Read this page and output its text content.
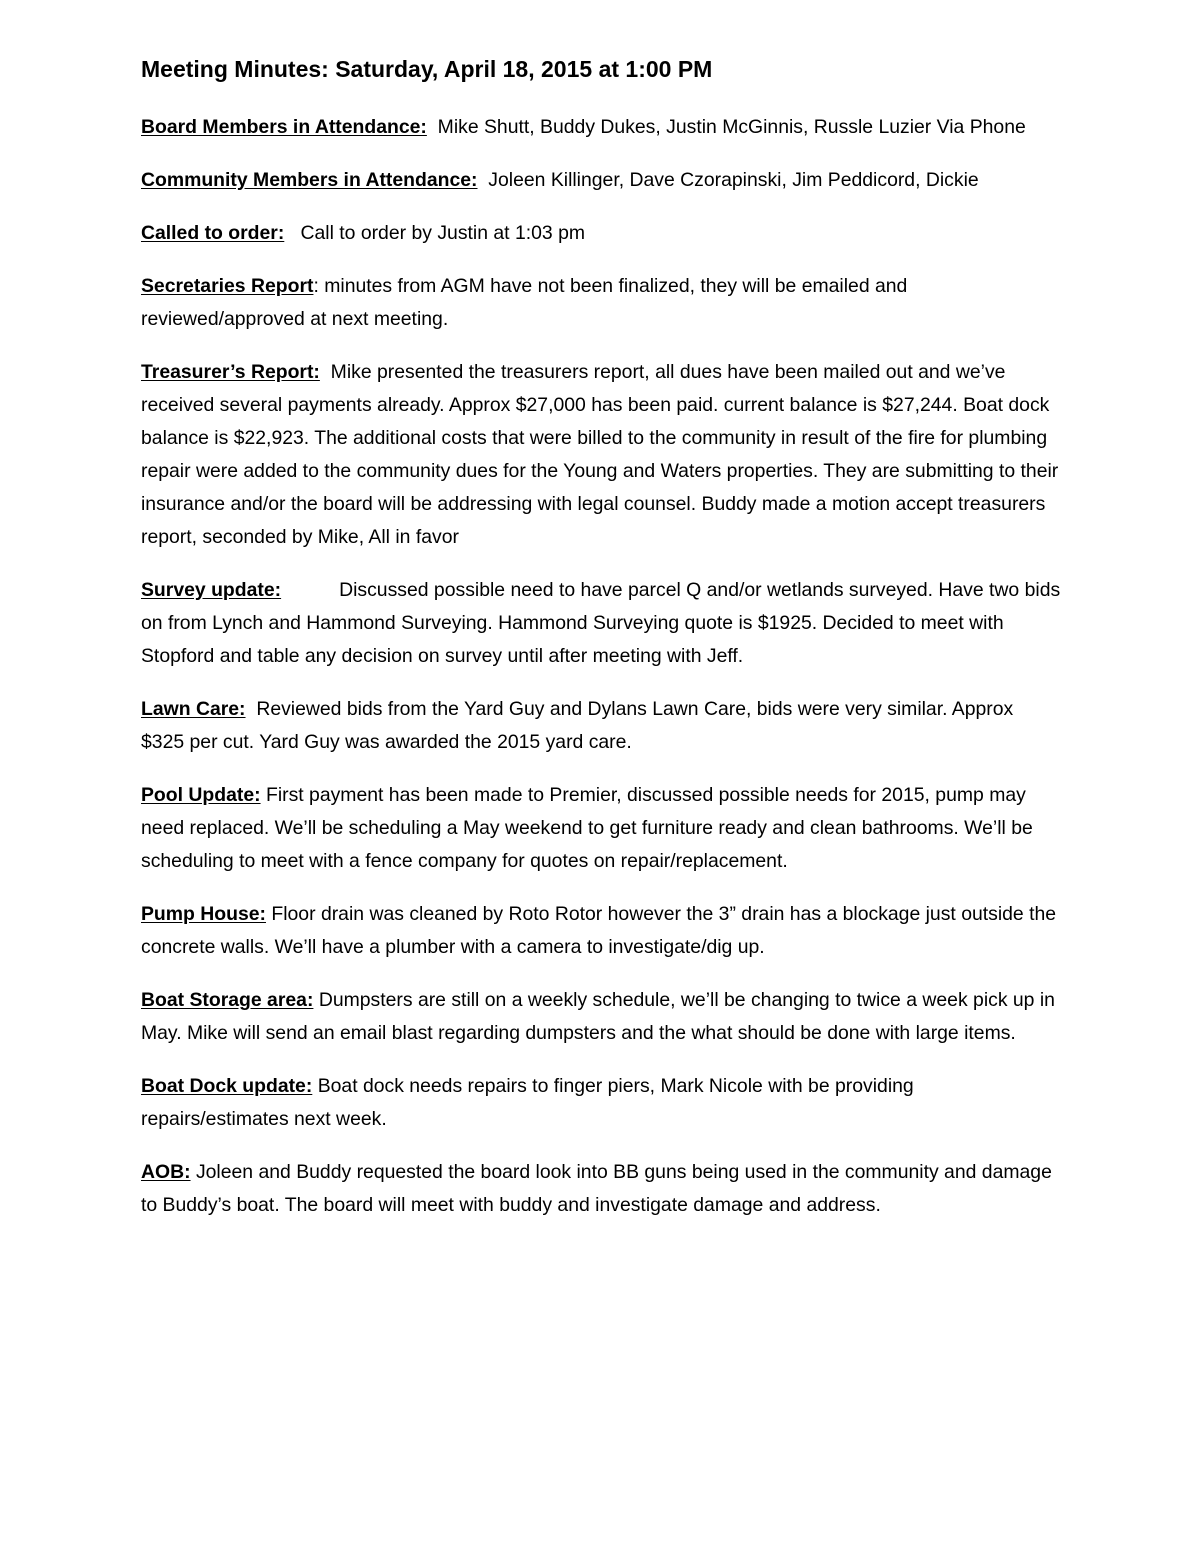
Meeting Minutes: Saturday, April 18, 2015 at 1:00 PM

Board Members in Attendance: Mike Shutt, Buddy Dukes, Justin McGinnis, Russle Luzier Via Phone

Community Members in Attendance: Joleen Killinger, Dave Czorapinski, Jim Peddicord, Dickie

Called to order: Call to order by Justin at 1:03 pm

Secretaries Report: minutes from AGM have not been finalized, they will be emailed and reviewed/approved at next meeting.

Treasurer’s Report: Mike presented the treasurers report, all dues have been mailed out and we’ve received several payments already. Approx $27,000 has been paid. current balance is $27,244. Boat dock balance is $22,923. The additional costs that were billed to the community in result of the fire for plumbing repair were added to the community dues for the Young and Waters properties. They are submitting to their insurance and/or the board will be addressing with legal counsel. Buddy made a motion accept treasurers report, seconded by Mike, All in favor

Survey update:	Discussed possible need to have parcel Q and/or wetlands surveyed. Have two bids on from Lynch and Hammond Surveying. Hammond Surveying quote is $1925. Decided to meet with Stopford and table any decision on survey until after meeting with Jeff.

Lawn Care: Reviewed bids from the Yard Guy and Dylans Lawn Care, bids were very similar. Approx $325 per cut. Yard Guy was awarded the 2015 yard care.

Pool Update: First payment has been made to Premier, discussed possible needs for 2015, pump may need replaced. We’ll be scheduling a May weekend to get furniture ready and clean bathrooms. We’ll be scheduling to meet with a fence company for quotes on repair/replacement.

Pump House: Floor drain was cleaned by Roto Rotor however the 3” drain has a blockage just outside the concrete walls. We’ll have a plumber with a camera to investigate/dig up.

Boat Storage area: Dumpsters are still on a weekly schedule, we’ll be changing to twice a week pick up in May. Mike will send an email blast regarding dumpsters and the what should be done with large items.

Boat Dock update: Boat dock needs repairs to finger piers, Mark Nicole with be providing repairs/estimates next week.

AOB: Joleen and Buddy requested the board look into BB guns being used in the community and damage to Buddy’s boat. The board will meet with buddy and investigate damage and address.
